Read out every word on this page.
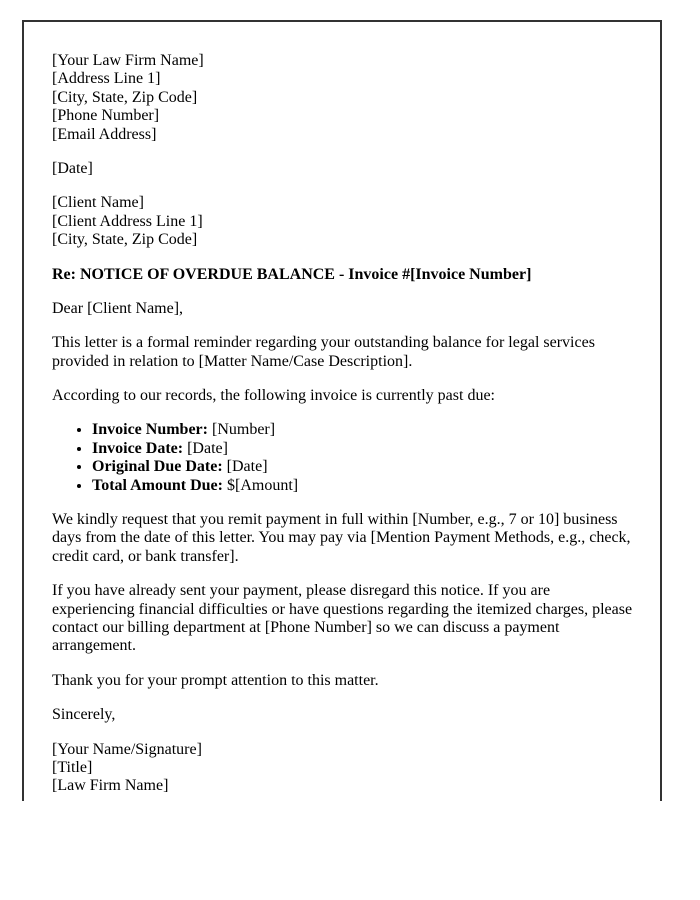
[Your Law Firm Name]
[Address Line 1]
[City, State, Zip Code]
[Phone Number]
[Email Address]

[Date]

[Client Name]
[Client Address Line 1]
[City, State, Zip Code]

Re: NOTICE OF OVERDUE BALANCE - Invoice #[Invoice Number]

Dear [Client Name],

This letter is a formal reminder regarding your outstanding balance for legal services provided in relation to [Matter Name/Case Description].

According to our records, the following invoice is currently past due:

• Invoice Number: [Number]
• Invoice Date: [Date]
• Original Due Date: [Date]
• Total Amount Due: $[Amount]

We kindly request that you remit payment in full within [Number, e.g., 7 or 10] business days from the date of this letter. You may pay via [Mention Payment Methods, e.g., check, credit card, or bank transfer].

If you have already sent your payment, please disregard this notice. If you are experiencing financial difficulties or have questions regarding the itemized charges, please contact our billing department at [Phone Number] so we can discuss a payment arrangement.

Thank you for your prompt attention to this matter.

Sincerely,

[Your Name/Signature]
[Title]
[Law Firm Name]
